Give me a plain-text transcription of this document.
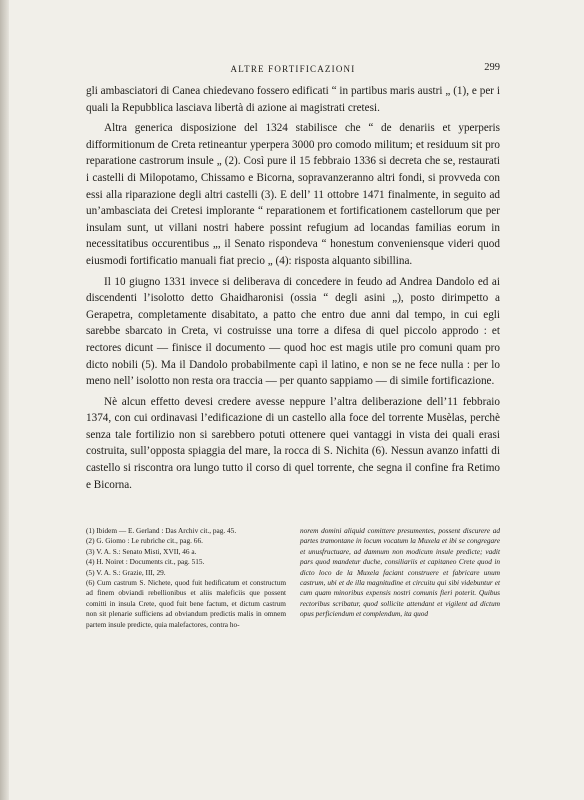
ALTRE FORTIFICAZIONI	299

gli ambasciatori di Canea chiedevano fossero edificati “ in partibus maris austri „ (1), e per i quali la Repubblica lasciava libertà di azione ai magistrati cretesi.

Altra generica disposizione del 1324 stabilisce che “ de denariis et yperperis difformitionum de Creta retineantur yperpera 3000 pro comodo militum; et residuum sit pro reparatione castrorum insule „ (2). Così pure il 15 febbraio 1336 si decreta che se, restaurati i castelli di Milopotamo, Chissamo e Bicorna, sopravanzeranno altri fondi, si provveda con essi alla riparazione degli altri castelli (3). E dell’ 11 ottobre 1471 finalmente, in seguito ad un’ambasciata dei Cretesi implorante “ reparationem et fortificationem castellorum que per insulam sunt, ut villani nostri habere possint refugium ad locandas familias eorum in necessitatibus occurentibus „, il Senato rispondeva “ honestum conveniensque videri quod eiusmodi fortificatio manuali fiat precio „ (4): risposta alquanto sibillina.

Il 10 giugno 1331 invece si deliberava di concedere in feudo ad Andrea Dandolo ed ai discendenti l’isolotto detto Ghaidharonisi (ossia “ degli asini „), posto dirimpetto a Gerapetra, completamente disabitato, a patto che entro due anni dal tempo, in cui egli sarebbe sbarcato in Creta, vi costruisse una torre a difesa di quel piccolo approdo : et rectores dicunt — finisce il documento — quod hoc est magis utile pro comuni quam pro dicto nobili (5). Ma il Dandolo probabilmente capì il latino, e non se ne fece nulla : per lo meno nell’ isolotto non resta ora traccia — per quanto sappiamo — di simile fortificazione.

Nè alcun effetto devesi credere avesse neppure l’altra deliberazione dell’11 febbraio 1374, con cui ordinavasi l’edificazione di un castello alla foce del torrente Musèlas, perchè senza tale fortilizio non si sarebbero potuti ottenere quei vantaggi in vista dei quali erasi costruita, sull’opposta spiaggia del mare, la rocca di S. Nichita (6). Nessun avanzo infatti di castello si riscontra ora lungo tutto il corso di quel torrente, che segna il confine fra Retimo e Bicorna.

(1) Ibidem — E. Gerland : Das Archiv cit., pag. 45.

(2) G. Giomo : Le rubriche cit., pag. 66.

(3) V. A. S.: Senato Misti, XVII, 46 a.

(4) H. Noiret : Documents cit., pag. 515.

(5) V. A. S.: Grazie, III, 29.

(6) Cum castrum S. Nichete, quod fuit hedificatum et constructum ad finem obviandi rebellionibus et aliis maleficiis que possent comitti in insula Crete, quod fuit bene factum, et dictum castrum non sit plenarie sufficiens ad obviandum predictis malis in omnem partem insule predicte, quia malefactores, contra ho-

norem domini aliquid comittere presumentes, possent discurere ad partes tramontane in locum vocatum la Muxela et ibi se congregare et unusfructuare, ad damnum non modicum insule predicte; vadit pars quod mandetur duche, consiliariis et capitaneo Crete quod in dicto loco de la Muxela faciant construere et fabricare unum castrum, ubi et de illa magnitudine et circuitu qui sibi videbuntur et cum quam minoribus expensis nostri comunis fieri poterit. Quibus rectoribus scribatur, quod sollicite attendant et vigilent ad dictum opus perficiendum et complendum, ita quod
